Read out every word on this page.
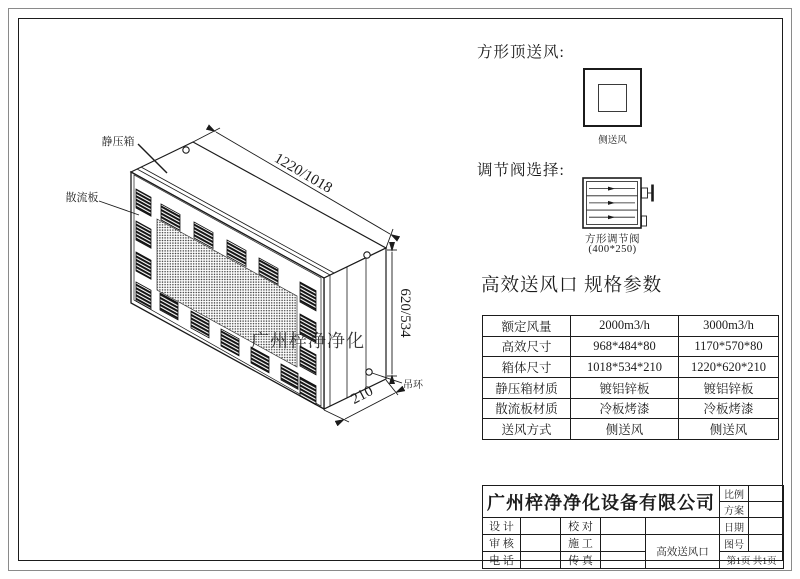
1220/1018
620/534
210
静压箱
散流板
吊环
广州梓净净化
方形顶送风:
侧送风
调节阀选择:
方形调节阀
(400*250)
高效送风口 规格参数
额定风量	2000m3/h	3000m3/h
高效尺寸	968*484*80	1170*570*80
箱体尺寸	1018*534*210	1220*620*210
静压箱材质	镀铝锌板	镀铝锌板
散流板材质	冷板烤漆	冷板烤漆
送风方式	侧送风	侧送风
广州梓净净化设备有限公司					比例	
					方案	
设 计		校 对			日期	
审 核		施 工		高效送风口	图号	
电 话		传 真			第1页 共1页	
